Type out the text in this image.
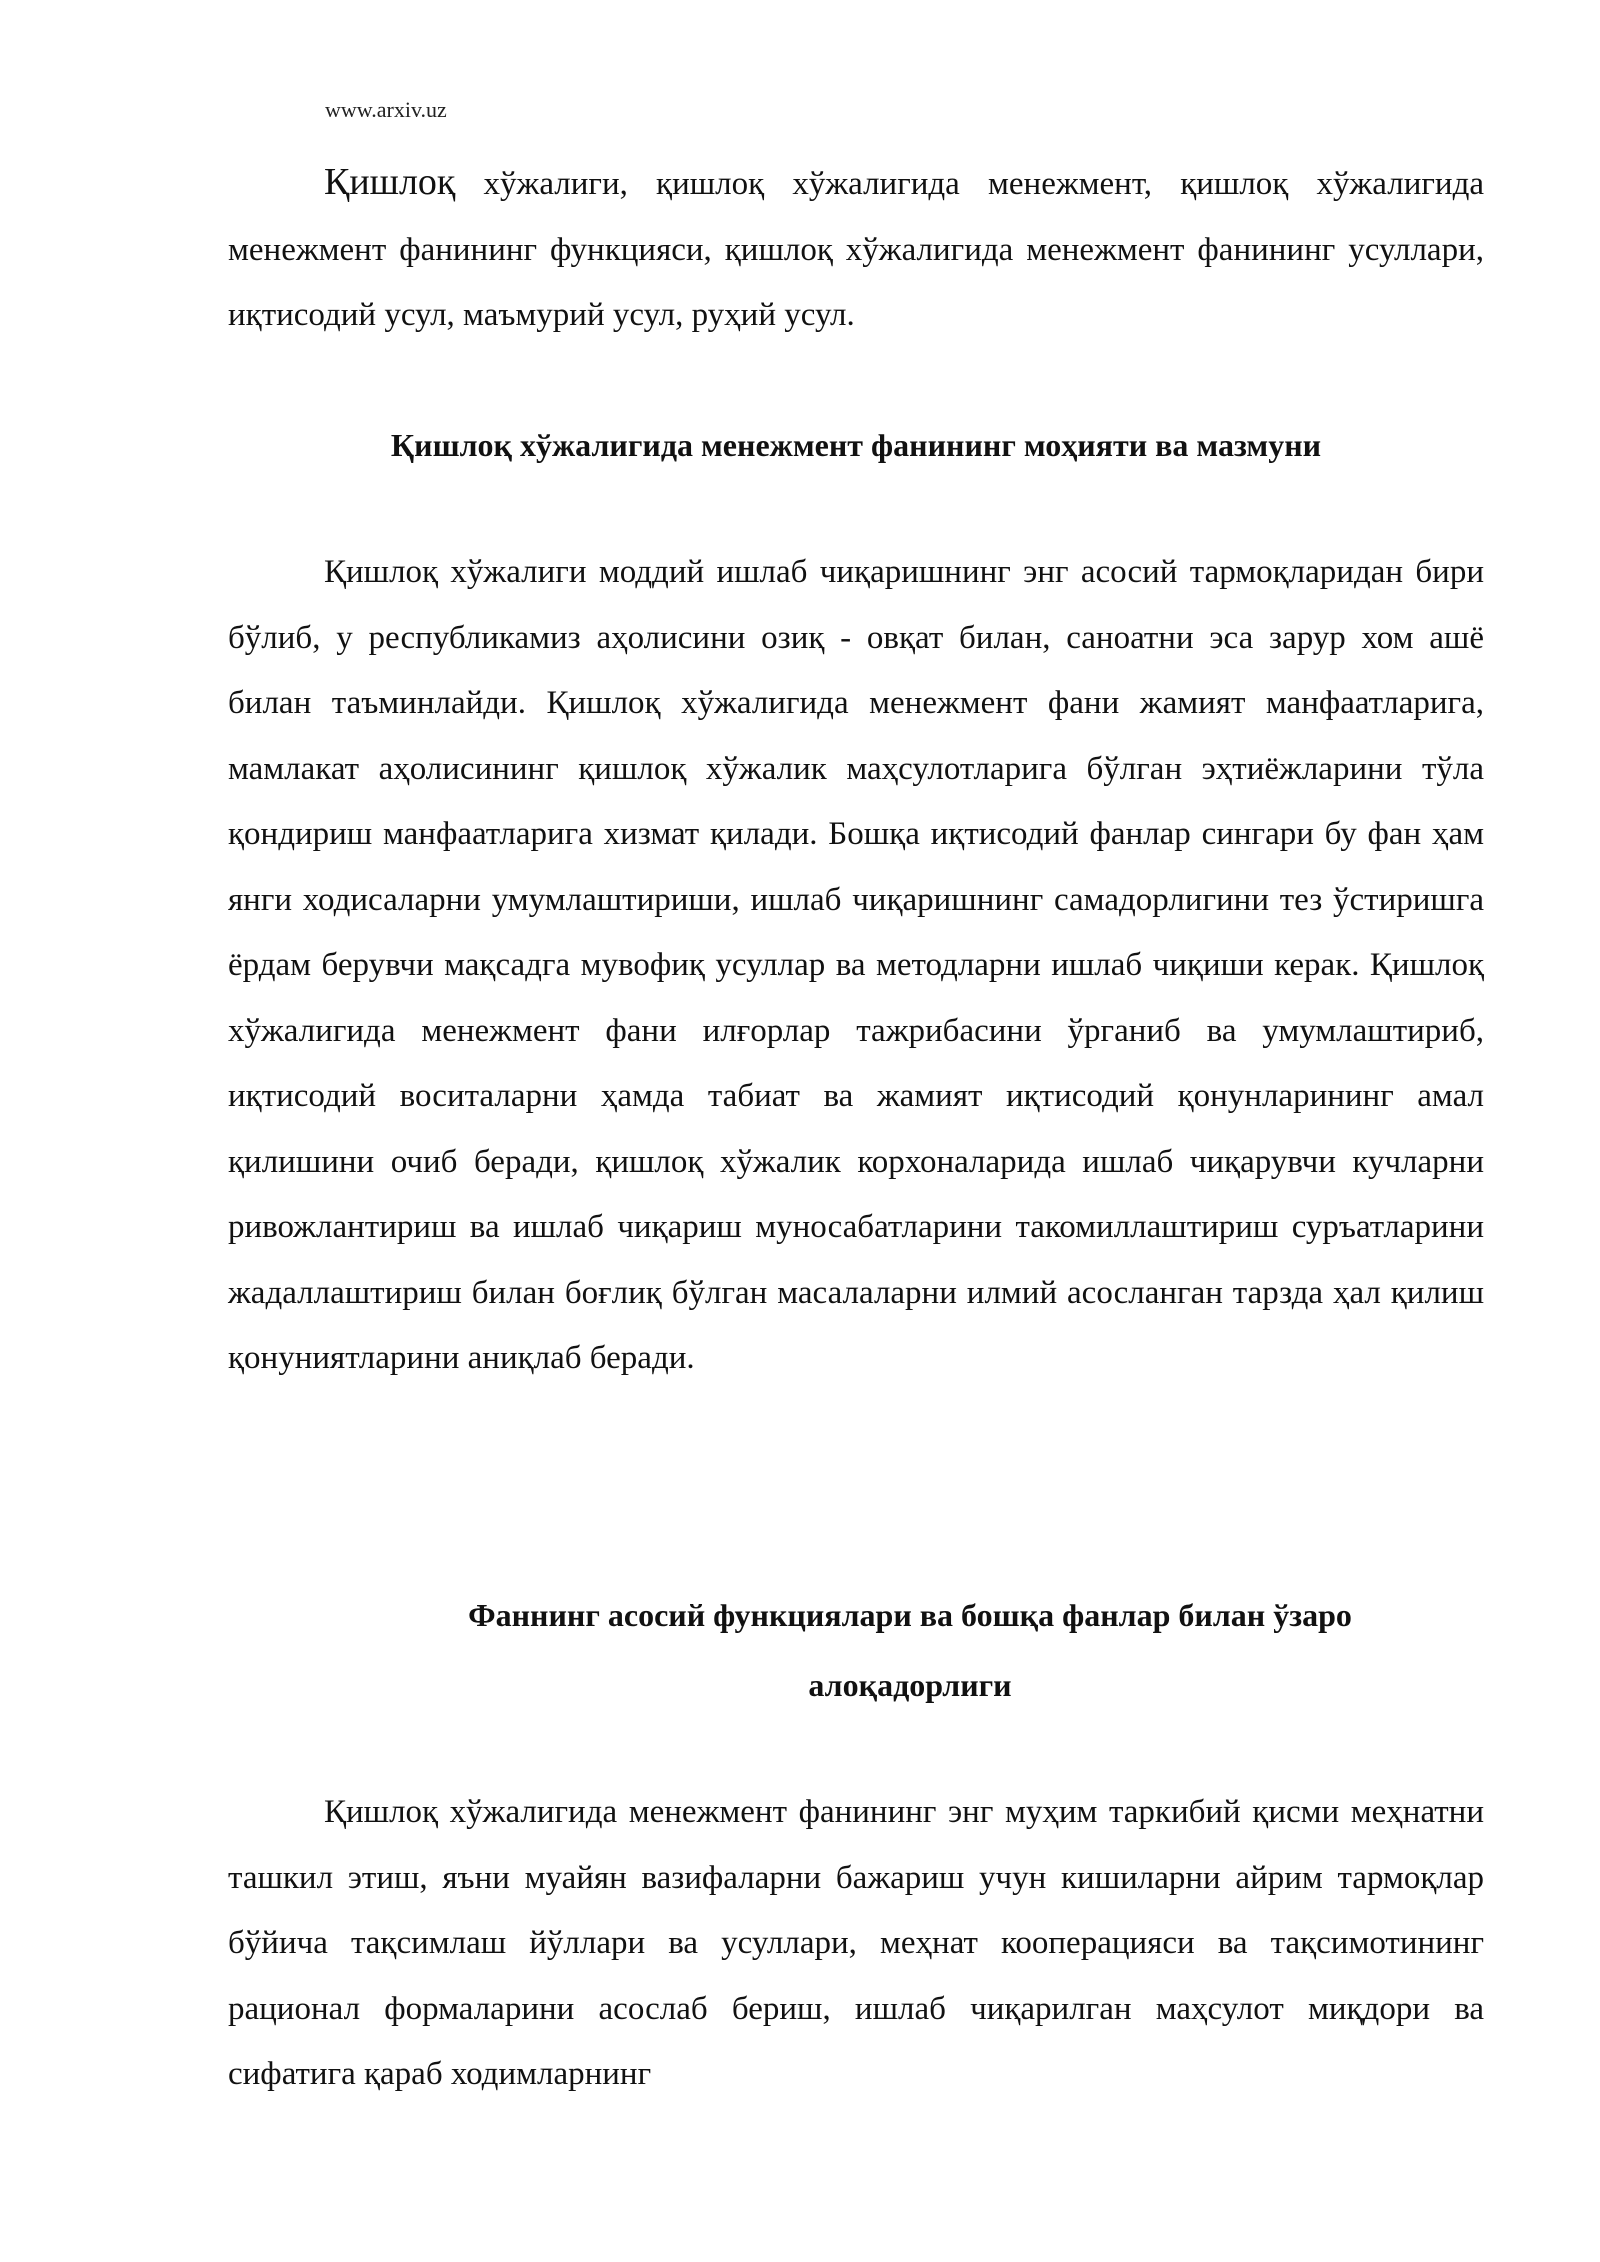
www.arxiv.uz

Қишлоқ хўжалиги, қишлоқ хўжалигида менежмент, қишлоқ хўжалигида менежмент фанининг функцияси, қишлоқ хўжалигида менежмент фанининг усуллари, иқтисодий усул, маъмурий усул, руҳий усул.

Қишлоқ хўжалигида менежмент фанининг моҳияти ва мазмуни

Қишлоқ хўжалиги моддий ишлаб чиқаришнинг энг асосий тармоқларидан бири бўлиб, у республикамиз аҳолисини озиқ - овқат билан, саноатни эса зарур хом ашё билан таъминлайди. Қишлоқ хўжалигида менежмент фани жамият манфаатларига, мамлакат аҳолисининг қишлоқ хўжалик маҳсулотларига бўлган эҳтиёжларини тўла қондириш манфаатларига хизмат қилади. Бошқа иқтисодий фанлар сингари бу фан ҳам янги ходисаларни умумлаштириши, ишлаб чиқаришнинг самадорлигини тез ўстиришга ёрдам берувчи мақсадга мувофиқ усуллар ва методларни ишлаб чиқиши керак. Қишлоқ хўжалигида менежмент фани илғорлар тажрибасини ўрганиб ва умумлаштириб, иқтисодий воситаларни ҳамда табиат ва жамият иқтисодий қонунларининг амал қилишини очиб беради, қишлоқ хўжалик корхоналарида ишлаб чиқарувчи кучларни ривожлантириш ва ишлаб чиқариш муносабатларини такомиллаштириш суръатларини жадаллаштириш билан боғлиқ бўлган масалаларни илмий асосланган тарзда ҳал қилиш қонуниятларини аниқлаб беради.

Фаннинг асосий функциялари ва бошқа фанлар билан ўзаро алоқадорлиги

Қишлоқ хўжалигида менежмент фанининг энг муҳим таркибий қисми меҳнатни ташкил этиш, яъни муайян вазифаларни бажариш учун кишиларни айрим тармоқлар бўйича тақсимлаш йўллари ва усуллари, меҳнат кооперацияси ва тақсимотининг рационал формаларини асослаб бериш, ишлаб чиқарилган маҳсулот миқдори ва сифатига қараб ходимларнинг
